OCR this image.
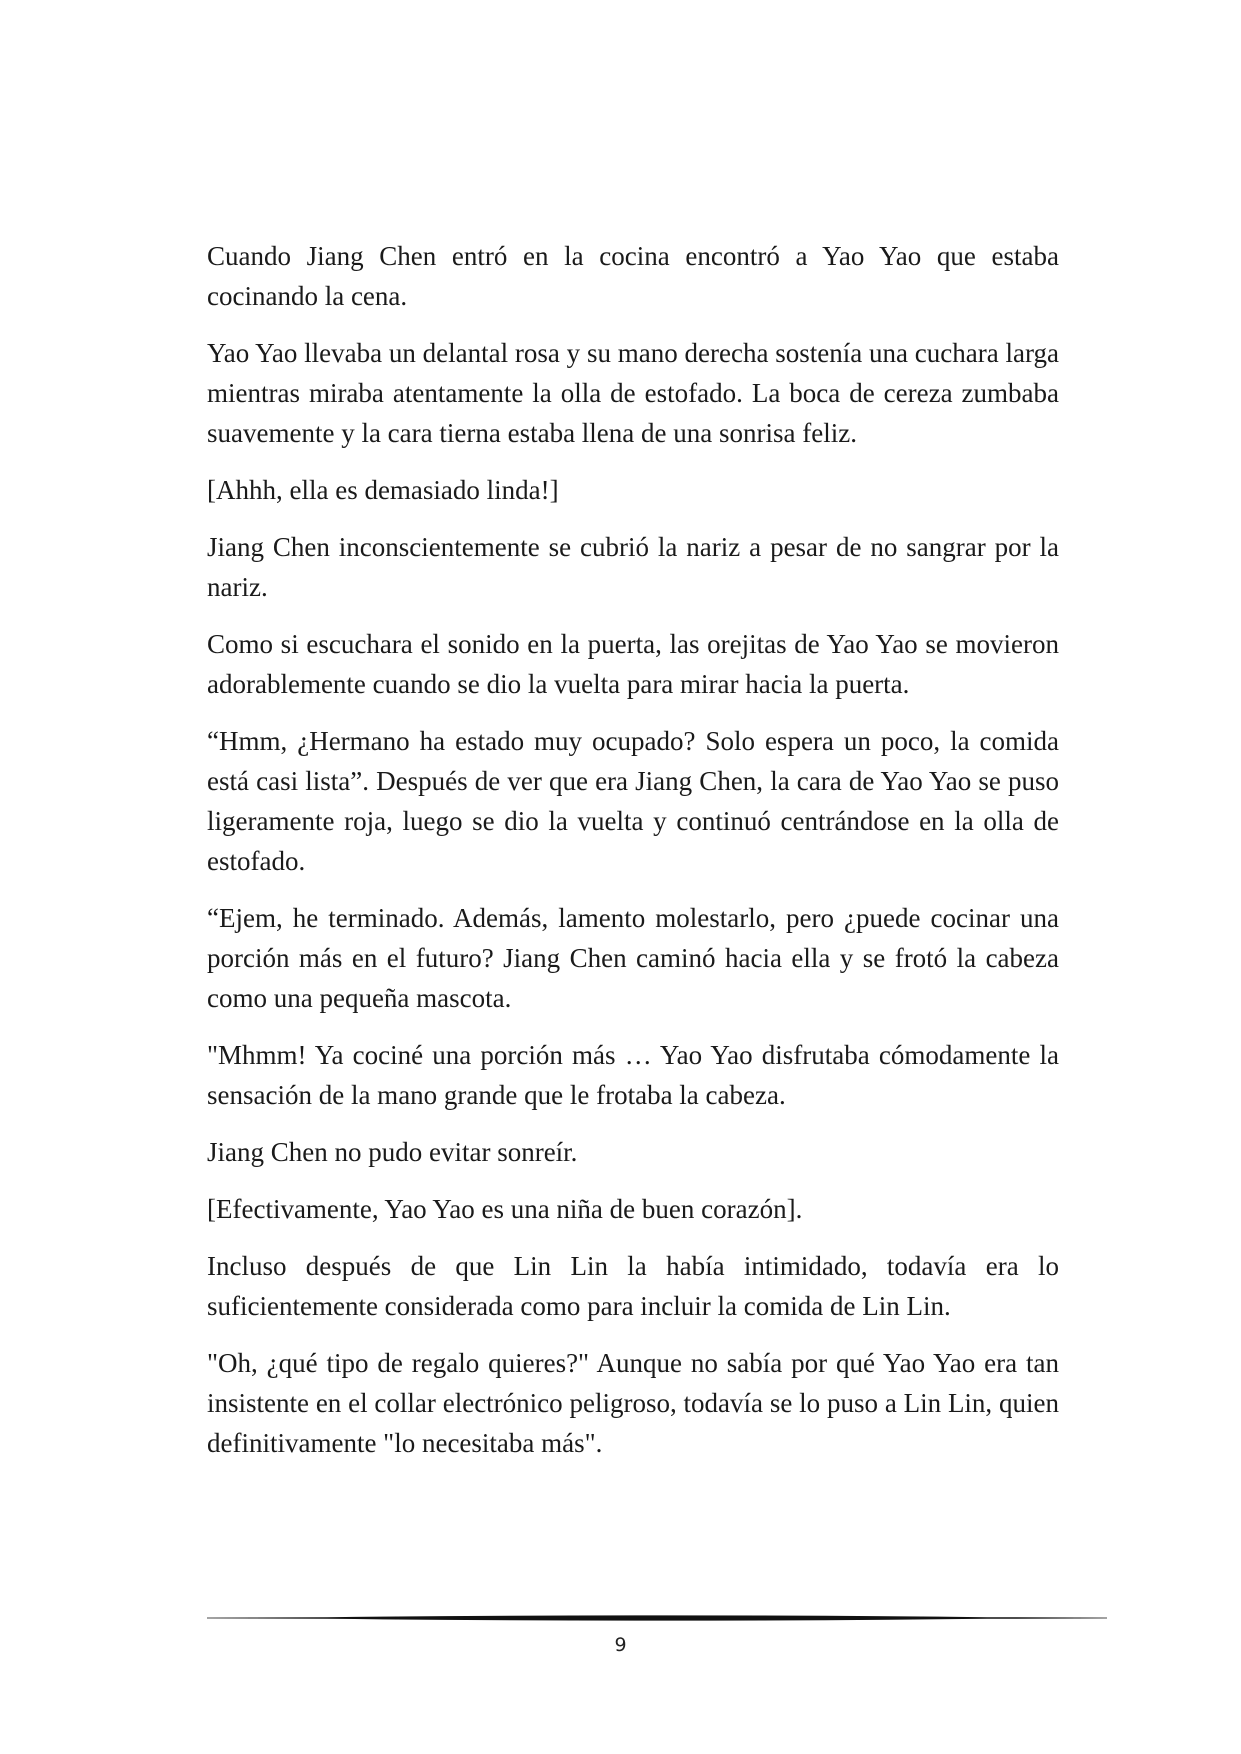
Cuando Jiang Chen entró en la cocina encontró a Yao Yao que estaba cocinando la cena.

Yao Yao llevaba un delantal rosa y su mano derecha sostenía una cuchara larga mientras miraba atentamente la olla de estofado. La boca de cereza zumbaba suavemente y la cara tierna estaba llena de una sonrisa feliz.

[Ahhh, ella es demasiado linda!]

Jiang Chen inconscientemente se cubrió la nariz a pesar de no sangrar por la nariz.

Como si escuchara el sonido en la puerta, las orejitas de Yao Yao se movieron adorablemente cuando se dio la vuelta para mirar hacia la puerta.

“Hmm, ¿Hermano ha estado muy ocupado? Solo espera un poco, la comida está casi lista”. Después de ver que era Jiang Chen, la cara de Yao Yao se puso ligeramente roja, luego se dio la vuelta y continuó centrándose en la olla de estofado.

“Ejem, he terminado. Además, lamento molestarlo, pero ¿puede cocinar una porción más en el futuro? Jiang Chen caminó hacia ella y se frotó la cabeza como una pequeña mascota.

"Mhmm! Ya cociné una porción más … Yao Yao disfrutaba cómodamente la sensación de la mano grande que le frotaba la cabeza.

Jiang Chen no pudo evitar sonreír.

[Efectivamente, Yao Yao es una niña de buen corazón].

Incluso después de que Lin Lin la había intimidado, todavía era lo suficientemente considerada como para incluir la comida de Lin Lin.

"Oh, ¿qué tipo de regalo quieres?" Aunque no sabía por qué Yao Yao era tan insistente en el collar electrónico peligroso, todavía se lo puso a Lin Lin, quien definitivamente "lo necesitaba más".

9
